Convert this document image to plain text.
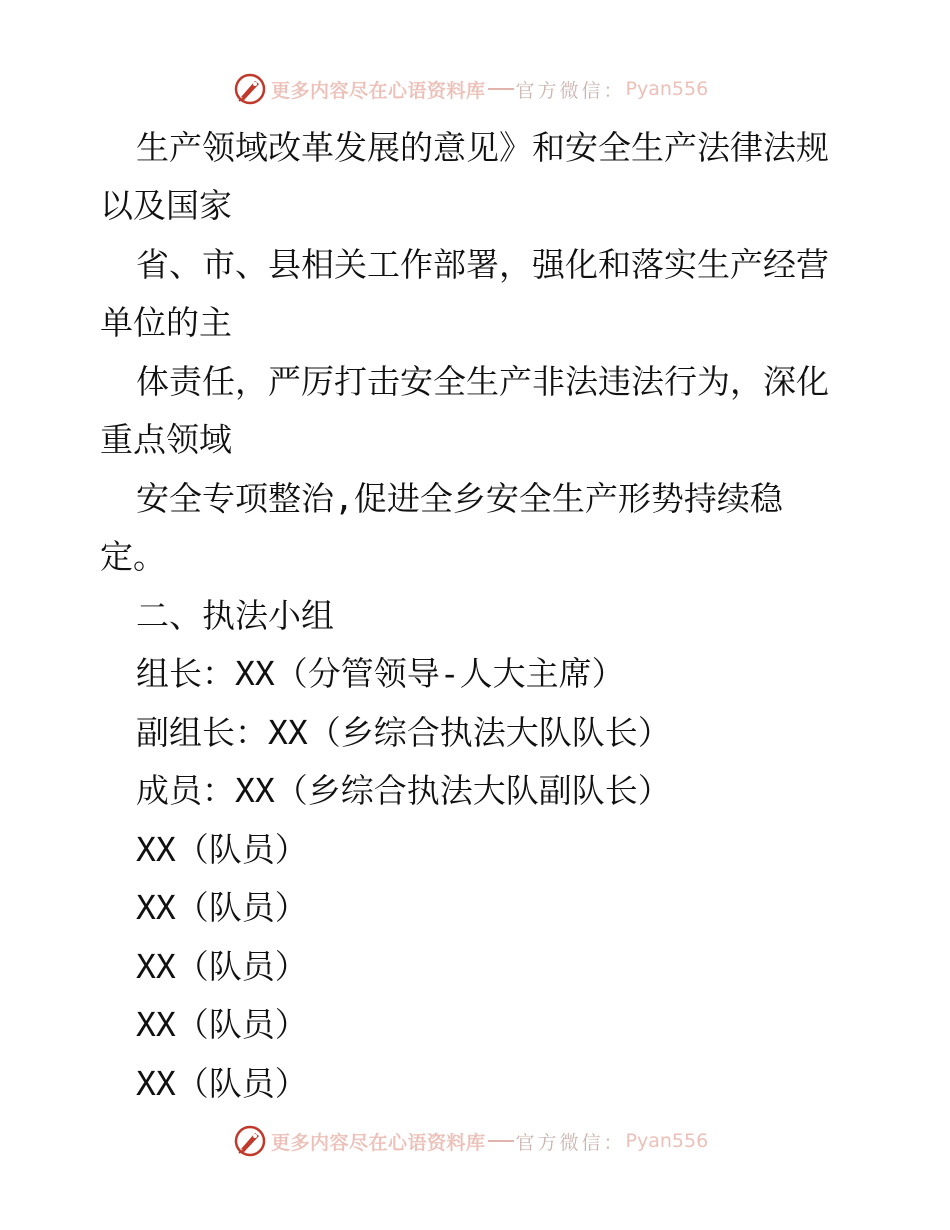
更多内容尽在心语资料库 官方微信： Pyan556
生产领域改革发展的意见》和安全生产法律法规
以及国家
省、市、县相关工作部署，强化和落实生产经营
单位的主
体责任，严厉打击安全生产非法违法行为，深化
重点领域
安全专项整治,促进全乡安全生产形势持续稳
定。
二、执法小组
组长：XX（分管领导-人大主席）
副组长：XX（乡综合执法大队队长）
成员：XX（乡综合执法大队副队长）
XX（队员）
XX（队员）
XX（队员）
XX（队员）
XX（队员）
更多内容尽在心语资料库 官方微信： Pyan556
